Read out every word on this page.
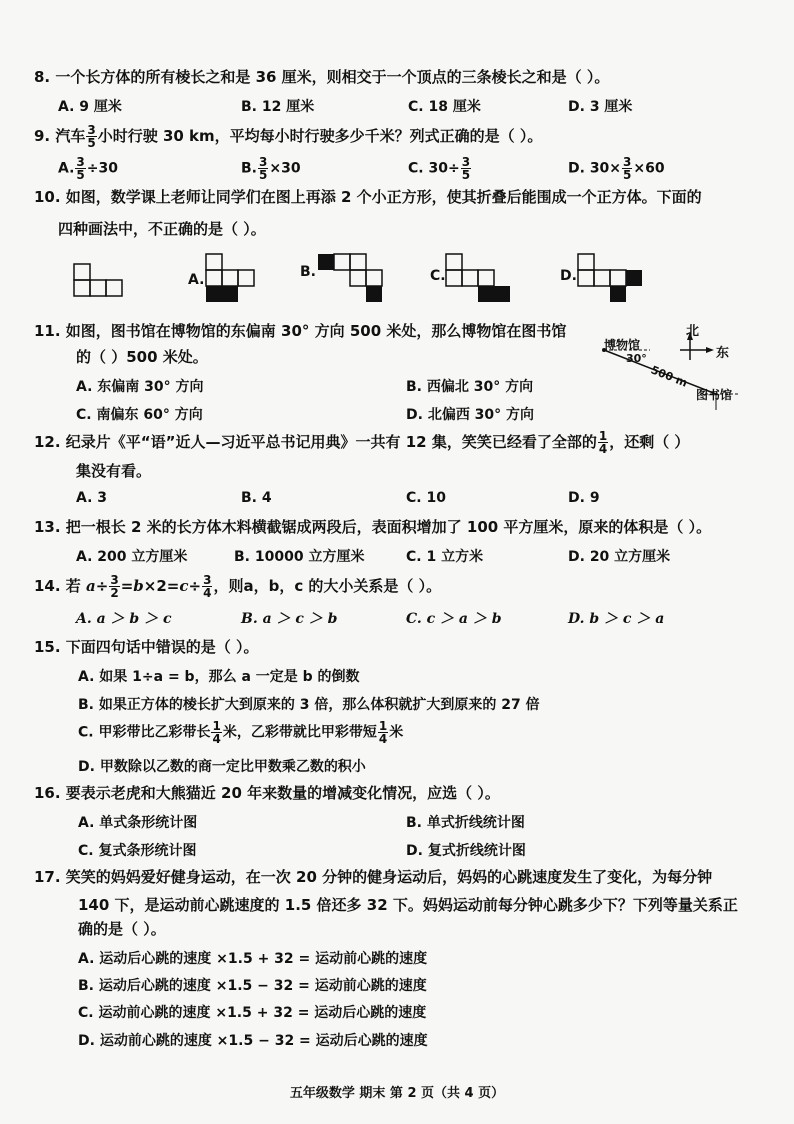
8. 一个长方体的所有棱长之和是 36 厘米，则相交于一个顶点的三条棱长之和是（ ）。
A. 9 厘米	B. 12 厘米	C. 18 厘米	D. 3 厘米
9. 汽车 $\frac{3}{5}$ 小时行驶 30 km，平均每小时行驶多少千米？列式正确的是（ ）。
A. $\frac{3}{5} \div 30$	B. $\frac{3}{5} \times 30$	C. $30\div \frac{3}{5}$	D. $30\times \frac{3}{5} \times 60$
10. 如图，数学课上老师让同学们在图上再添 2 个小正方形，使其折叠后能围成一个正方体。下面的
四种画法中，不正确的是（ ）。
A.	B.	C.	D.
11. 如图，图书馆在博物馆的东偏南 30° 方向 500 米处，那么博物馆在图书馆
的（ ）500 米处。
A. 东偏南 30° 方向	B. 西偏北 30° 方向
C. 南偏东 60° 方向	D. 北偏西 30° 方向
北
东
博物馆
30°
500 m
图书馆
12. 纪录片《平“语”近人—习近平总书记用典》一共有 12 集，笑笑已经看了全部的 $\frac{1}{4}$ ，还剩（ ）
集没有看。
A. 3	B. 4	C. 10	D. 9
13. 把一根长 2 米的长方体木料横截锯成两段后，表面积增加了 100 平方厘米，原来的体积是（ ）。
A. 200 立方厘米	B. 10000 立方厘米	C. 1 立方米	D. 20 立方厘米
14. 若 $a\div \frac{3}{2} =b\times 2=c\div \frac{3}{4}$ ，则a，b，c 的大小关系是（ ）。
A. a ＞ b ＞ c	B. a ＞ c ＞ b	C. c ＞ a ＞ b	D. b ＞ c ＞ a
15. 下面四句话中错误的是（ ）。
A. 如果 1÷a = b，那么 a 一定是 b 的倒数
B. 如果正方体的棱长扩大到原来的 3 倍，那么体积就扩大到原来的 27 倍
C. 甲彩带比乙彩带长 $\frac{1}{4}$ 米，乙彩带就比甲彩带短 $\frac{1}{4}$ 米
D. 甲数除以乙数的商一定比甲数乘乙数的积小
16. 要表示老虎和大熊猫近 20 年来数量的增减变化情况，应选（ ）。
A. 单式条形统计图	B. 单式折线统计图
C. 复式条形统计图	D. 复式折线统计图
17. 笑笑的妈妈爱好健身运动，在一次 20 分钟的健身运动后，妈妈的心跳速度发生了变化，为每分钟
140 下，是运动前心跳速度的 1.5 倍还多 32 下。妈妈运动前每分钟心跳多少下？下列等量关系正
确的是（ ）。
A. 运动后心跳的速度 ×1.5 + 32 = 运动前心跳的速度
B. 运动后心跳的速度 ×1.5 − 32 = 运动前心跳的速度
C. 运动前心跳的速度 ×1.5 + 32 = 运动后心跳的速度
D. 运动前心跳的速度 ×1.5 − 32 = 运动后心跳的速度
五年级数学 期末 第 2 页（共 4 页）
